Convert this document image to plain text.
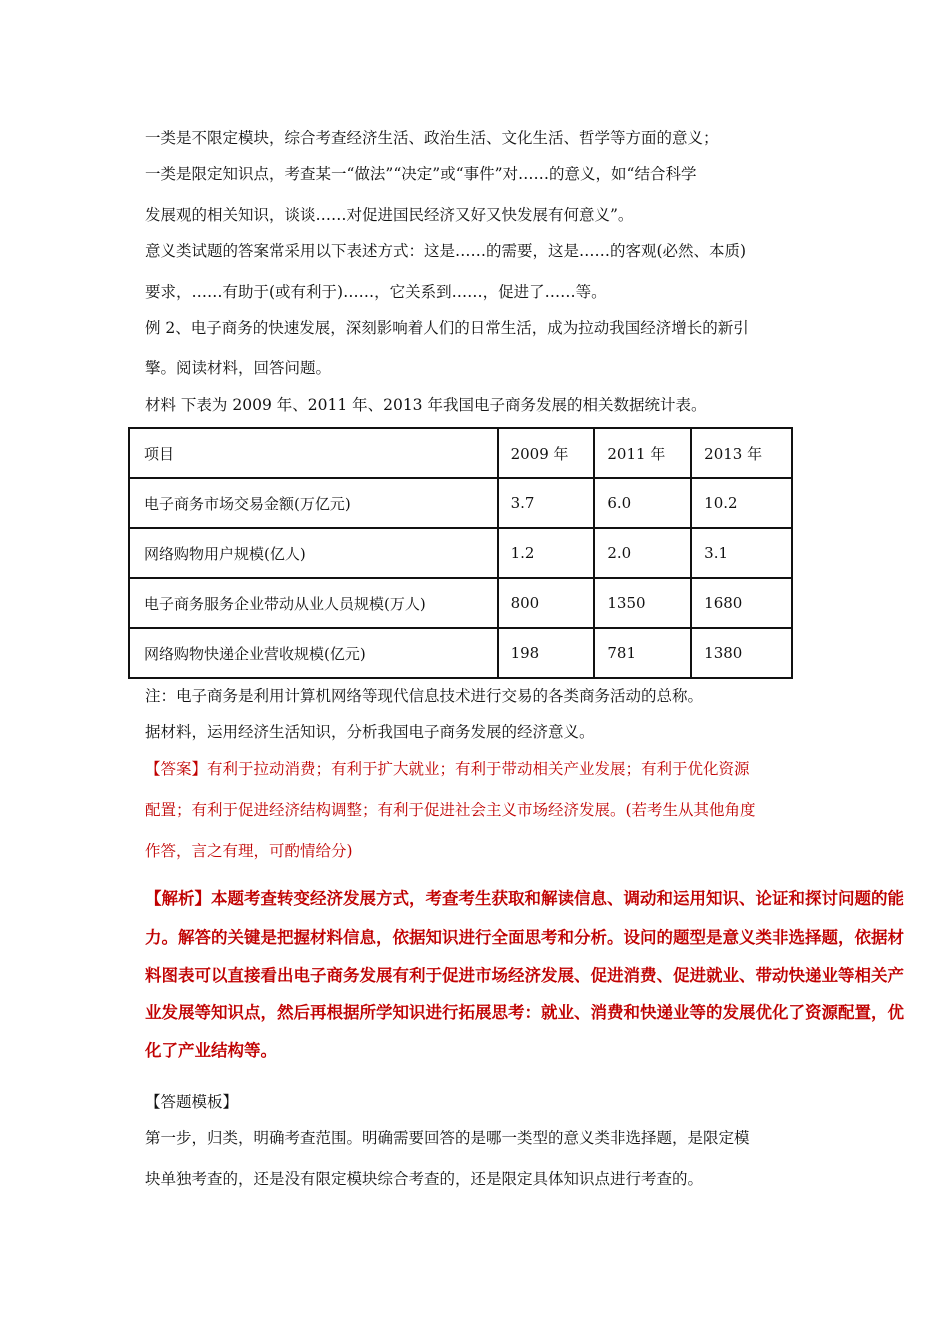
一类是不限定模块，综合考查经济生活、政治生活、文化生活、哲学等方面的意义；
一类是限定知识点，考查某一“做法”“决定”或“事件”对……的意义，如“结合科学
发展观的相关知识，谈谈……对促进国民经济又好又快发展有何意义”。
意义类试题的答案常采用以下表述方式：这是……的需要，这是……的客观(必然、本质)
要求，……有助于(或有利于)……，它关系到……，促进了……等。
例 2、电子商务的快速发展，深刻影响着人们的日常生活，成为拉动我国经济增长的新引
擎。阅读材料，回答问题。
材料 下表为 2009 年、2011 年、2013 年我国电子商务发展的相关数据统计表。
项目	2009 年	2011 年	2013 年
电子商务市场交易金额(万亿元)	3.7	6.0	10.2
网络购物用户规模(亿人)	1.2	2.0	3.1
电子商务服务企业带动从业人员规模(万人)	800	1350	1680
网络购物快递企业营收规模(亿元)	198	781	1380
注：电子商务是利用计算机网络等现代信息技术进行交易的各类商务活动的总称。
据材料，运用经济生活知识，分析我国电子商务发展的经济意义。
【答案】有利于拉动消费；有利于扩大就业；有利于带动相关产业发展；有利于优化资源
配置；有利于促进经济结构调整；有利于促进社会主义市场经济发展。(若考生从其他角度
作答，言之有理，可酌情给分)
【解析】本题考查转变经济发展方式，考查考生获取和解读信息、调动和运用知识、论证和探讨问题的能
力。解答的关键是把握材料信息，依据知识进行全面思考和分析。设问的题型是意义类非选择题，依据材
料图表可以直接看出电子商务发展有利于促进市场经济发展、促进消费、促进就业、带动快递业等相关产
业发展等知识点，然后再根据所学知识进行拓展思考：就业、消费和快递业等的发展优化了资源配置，优
化了产业结构等。
【答题模板】
第一步，归类，明确考查范围。明确需要回答的是哪一类型的意义类非选择题，是限定模
块单独考查的，还是没有限定模块综合考查的，还是限定具体知识点进行考查的。
